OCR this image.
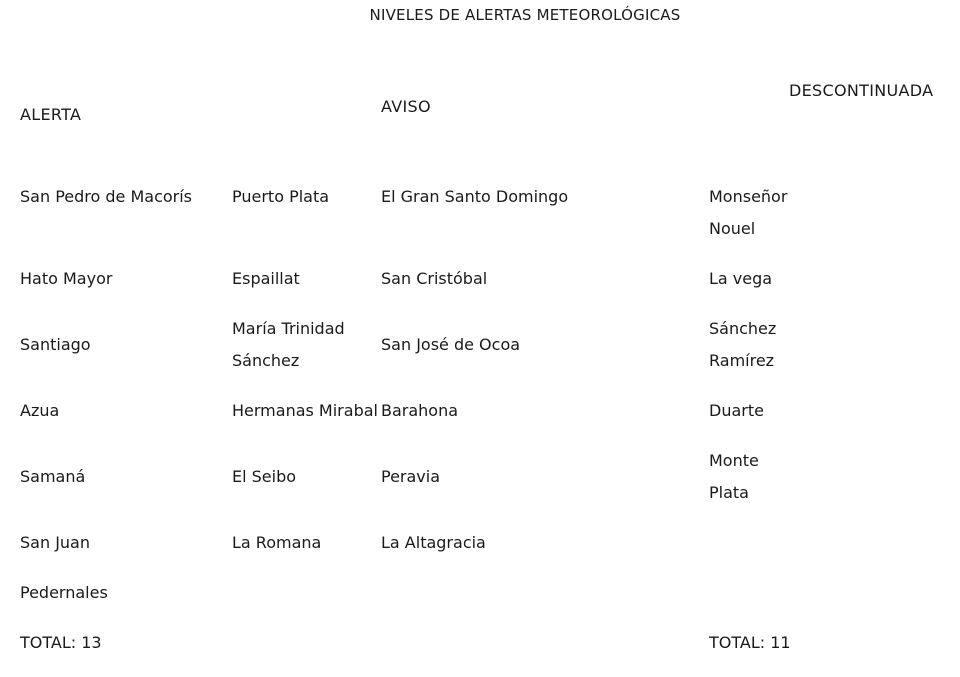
NIVELES DE ALERTAS METEOROLÓGICAS
ALERTA	AVISO
DESCONTINUADA
San Pedro de Macorís
Hato Mayor
Santiago
Azua
Samaná
San Juan
Pedernales
Puerto Plata
Espaillat
María Trinidad Sánchez
Hermanas Mirabal
El Seibo
La Romana
El Gran Santo Domingo
San Cristóbal
San José de Ocoa
Barahona
Peravia
La Altagracia
Monseñor Nouel
La vega
Sánchez Ramírez
Duarte
Monte Plata
TOTAL: 13	TOTAL: 11
